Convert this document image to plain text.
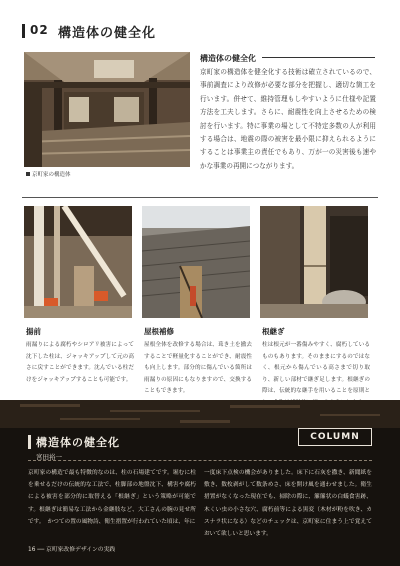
02 構造体の健全化
京町家の構造体
構造体の健全化
京町家の構造体を健全化する技術は確立されているので、事前調査により改修が必要な部分を把握し、適切な箇工を行います。併せて、維持管理もしやすいように仕様や記置方法を工夫します。さらに、耐震性を向上させるための検討を行います。特に事業の場として不特定多数の人が利用する場合は、地震の際の被害を最小限に抑えられるようにすることは事業主の責任でもあり、万が一の災害後も速やかな事業の再開につながります。
揚前
雨漏りによる腐朽やシロアリ被害によって沈下した柱は、ジャッキアップして元の高さに戻すことができます。沈んでいる柱だけをジャッキアップすることも可能です。
屋根補修
屋根全体を改修する場合は、葺き土を撤去することで軽量化することができ、耐震性も向上します。部分的に傷んでいる箇所は雨漏りの原因にもなりますので、交換することもできます。
根継ぎ
柱は根元が一番傷みやすく、腐朽しているものもあります。そのままにするのではなく、根元から傷んでいる高さまで切り取り、新しい部材で継ぎ足します。根継ぎの際は、伝統的な継手を用いることを原則と
構造体の健全化
宮田裕一
COLUMN
京町家の構造で最も特徴的なのは、柱の石場建てです。堀むに柱を乗せるだけの伝統的な工法で、柱脚部の地盤沈下、構害や腐朽による被害を部分的に取替える「根継ぎ」という策略が可能です。根継ぎは簡易な工法から金継肢など、大工さんの腕の見せ所です。　かつての置の風物詩、衛生措置が行われていた頃は、年に
一度床下点検の機会がありました。床下に石灰を撒き、新聞紙を敷き、数枚剥がして数条めさ、床を開け風を通わせました。衛生措置がなくなった現在でも、掃除の際に、簾簾状の白蟻食害跡、木くい虫の小さな穴、腐朽前等による黒変（木材が粉を吹き、カスナラ状になる）などのチェックは、京町家に住まう上で覚えておいて欲しいと思います。
16 ── 京町家改修デザインの実践
